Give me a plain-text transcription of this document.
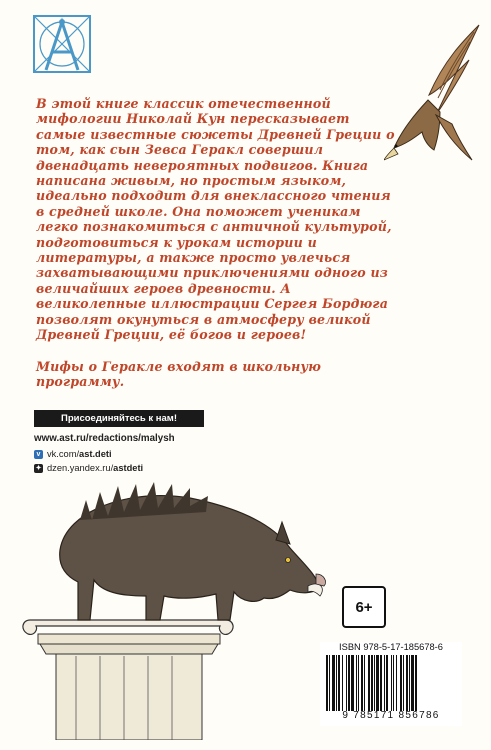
В этой книге классик отечественной мифологии Николай Кун пересказывает самые известные сюжеты Древней Греции о том, как сын Зевса Геракл совершил двенадцать невероятных подвигов. Книга написана живым, но простым языком, идеально подходит для внеклассного чтения в средней школе. Она поможет ученикам легко познакомиться с античной культурой, подготовиться к урокам истории и литературы, а также просто увлечься захватывающими приключениями одного из величайших героев древности. А великолепные иллюстрации Сергея Бордюга позволят окунуться в атмосферу великой Древней Греции, её богов и героев!

Мифы о Геракле входят в школьную программу.

Присоединяйтесь к нам!
www.ast.ru/redactions/malysh
v vk.com/ ast.deti
✦ dzen.yandex.ru/ astdeti
6+
ISBN 978-5-17-185678-6
9 785171 856786
